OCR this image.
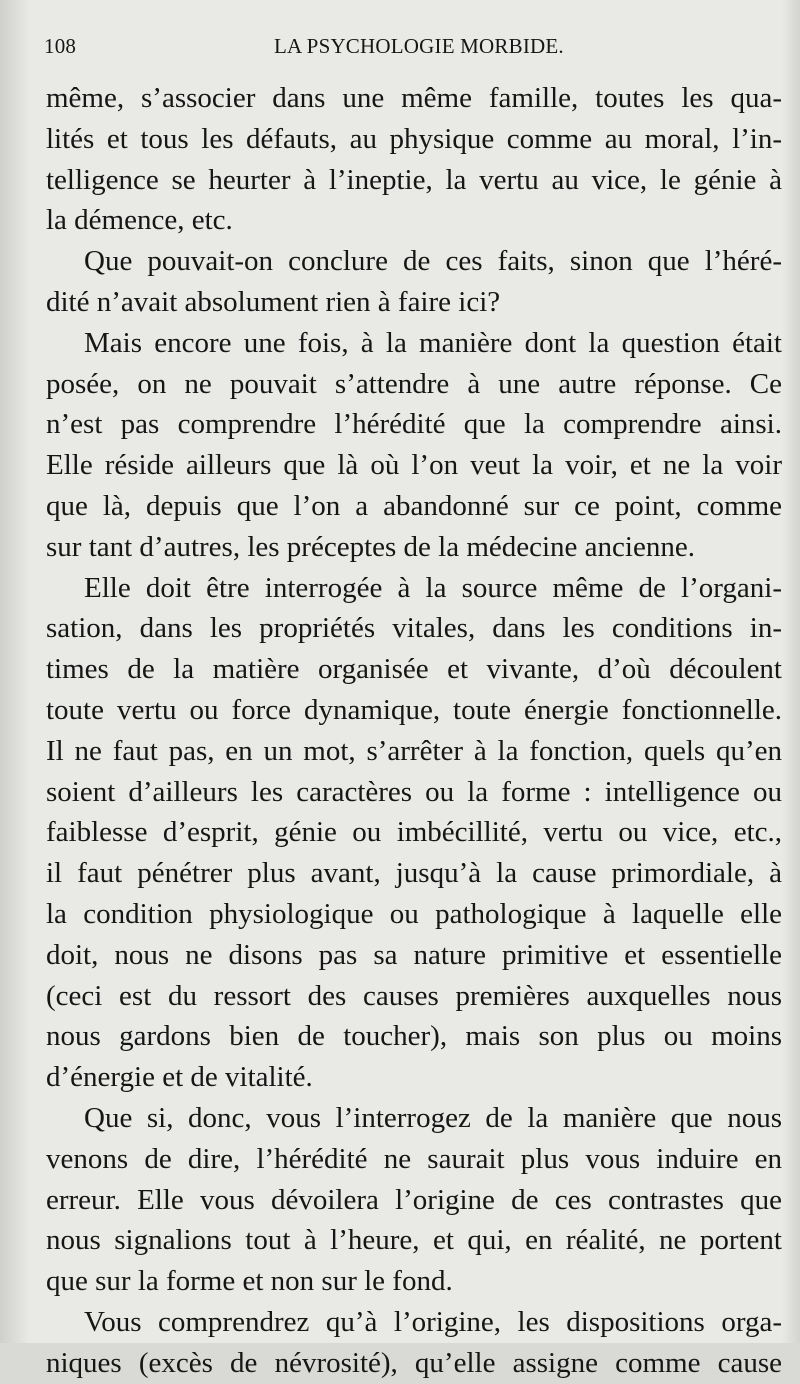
108	LA PSYCHOLOGIE MORBIDE.
même, s’associer dans une même famille, toutes les qua-
lités et tous les défauts, au physique comme au moral, l’in-
telligence se heurter à l’ineptie, la vertu au vice, le génie à
la démence, etc.
Que pouvait-on conclure de ces faits, sinon que l’héré-
dité n’avait absolument rien à faire ici?
Mais encore une fois, à la manière dont la question était
posée, on ne pouvait s’attendre à une autre réponse. Ce
n’est pas comprendre l’hérédité que la comprendre ainsi.
Elle réside ailleurs que là où l’on veut la voir, et ne la voir
que là, depuis que l’on a abandonné sur ce point, comme
sur tant d’autres, les préceptes de la médecine ancienne.
Elle doit être interrogée à la source même de l’organi-
sation, dans les propriétés vitales, dans les conditions in-
times de la matière organisée et vivante, d’où découlent
toute vertu ou force dynamique, toute énergie fonctionnelle.
Il ne faut pas, en un mot, s’arrêter à la fonction, quels qu’en
soient d’ailleurs les caractères ou la forme : intelligence ou
faiblesse d’esprit, génie ou imbécillité, vertu ou vice, etc.,
il faut pénétrer plus avant, jusqu’à la cause primordiale, à
la condition physiologique ou pathologique à laquelle elle
doit, nous ne disons pas sa nature primitive et essentielle
(ceci est du ressort des causes premières auxquelles nous
nous gardons bien de toucher), mais son plus ou moins
d’énergie et de vitalité.
Que si, donc, vous l’interrogez de la manière que nous
venons de dire, l’hérédité ne saurait plus vous induire en
erreur. Elle vous dévoilera l’origine de ces contrastes que
nous signalions tout à l’heure, et qui, en réalité, ne portent
que sur la forme et non sur le fond.
Vous comprendrez qu’à l’origine, les dispositions orga-
niques (excès de névrosité), qu’elle assigne comme cause
